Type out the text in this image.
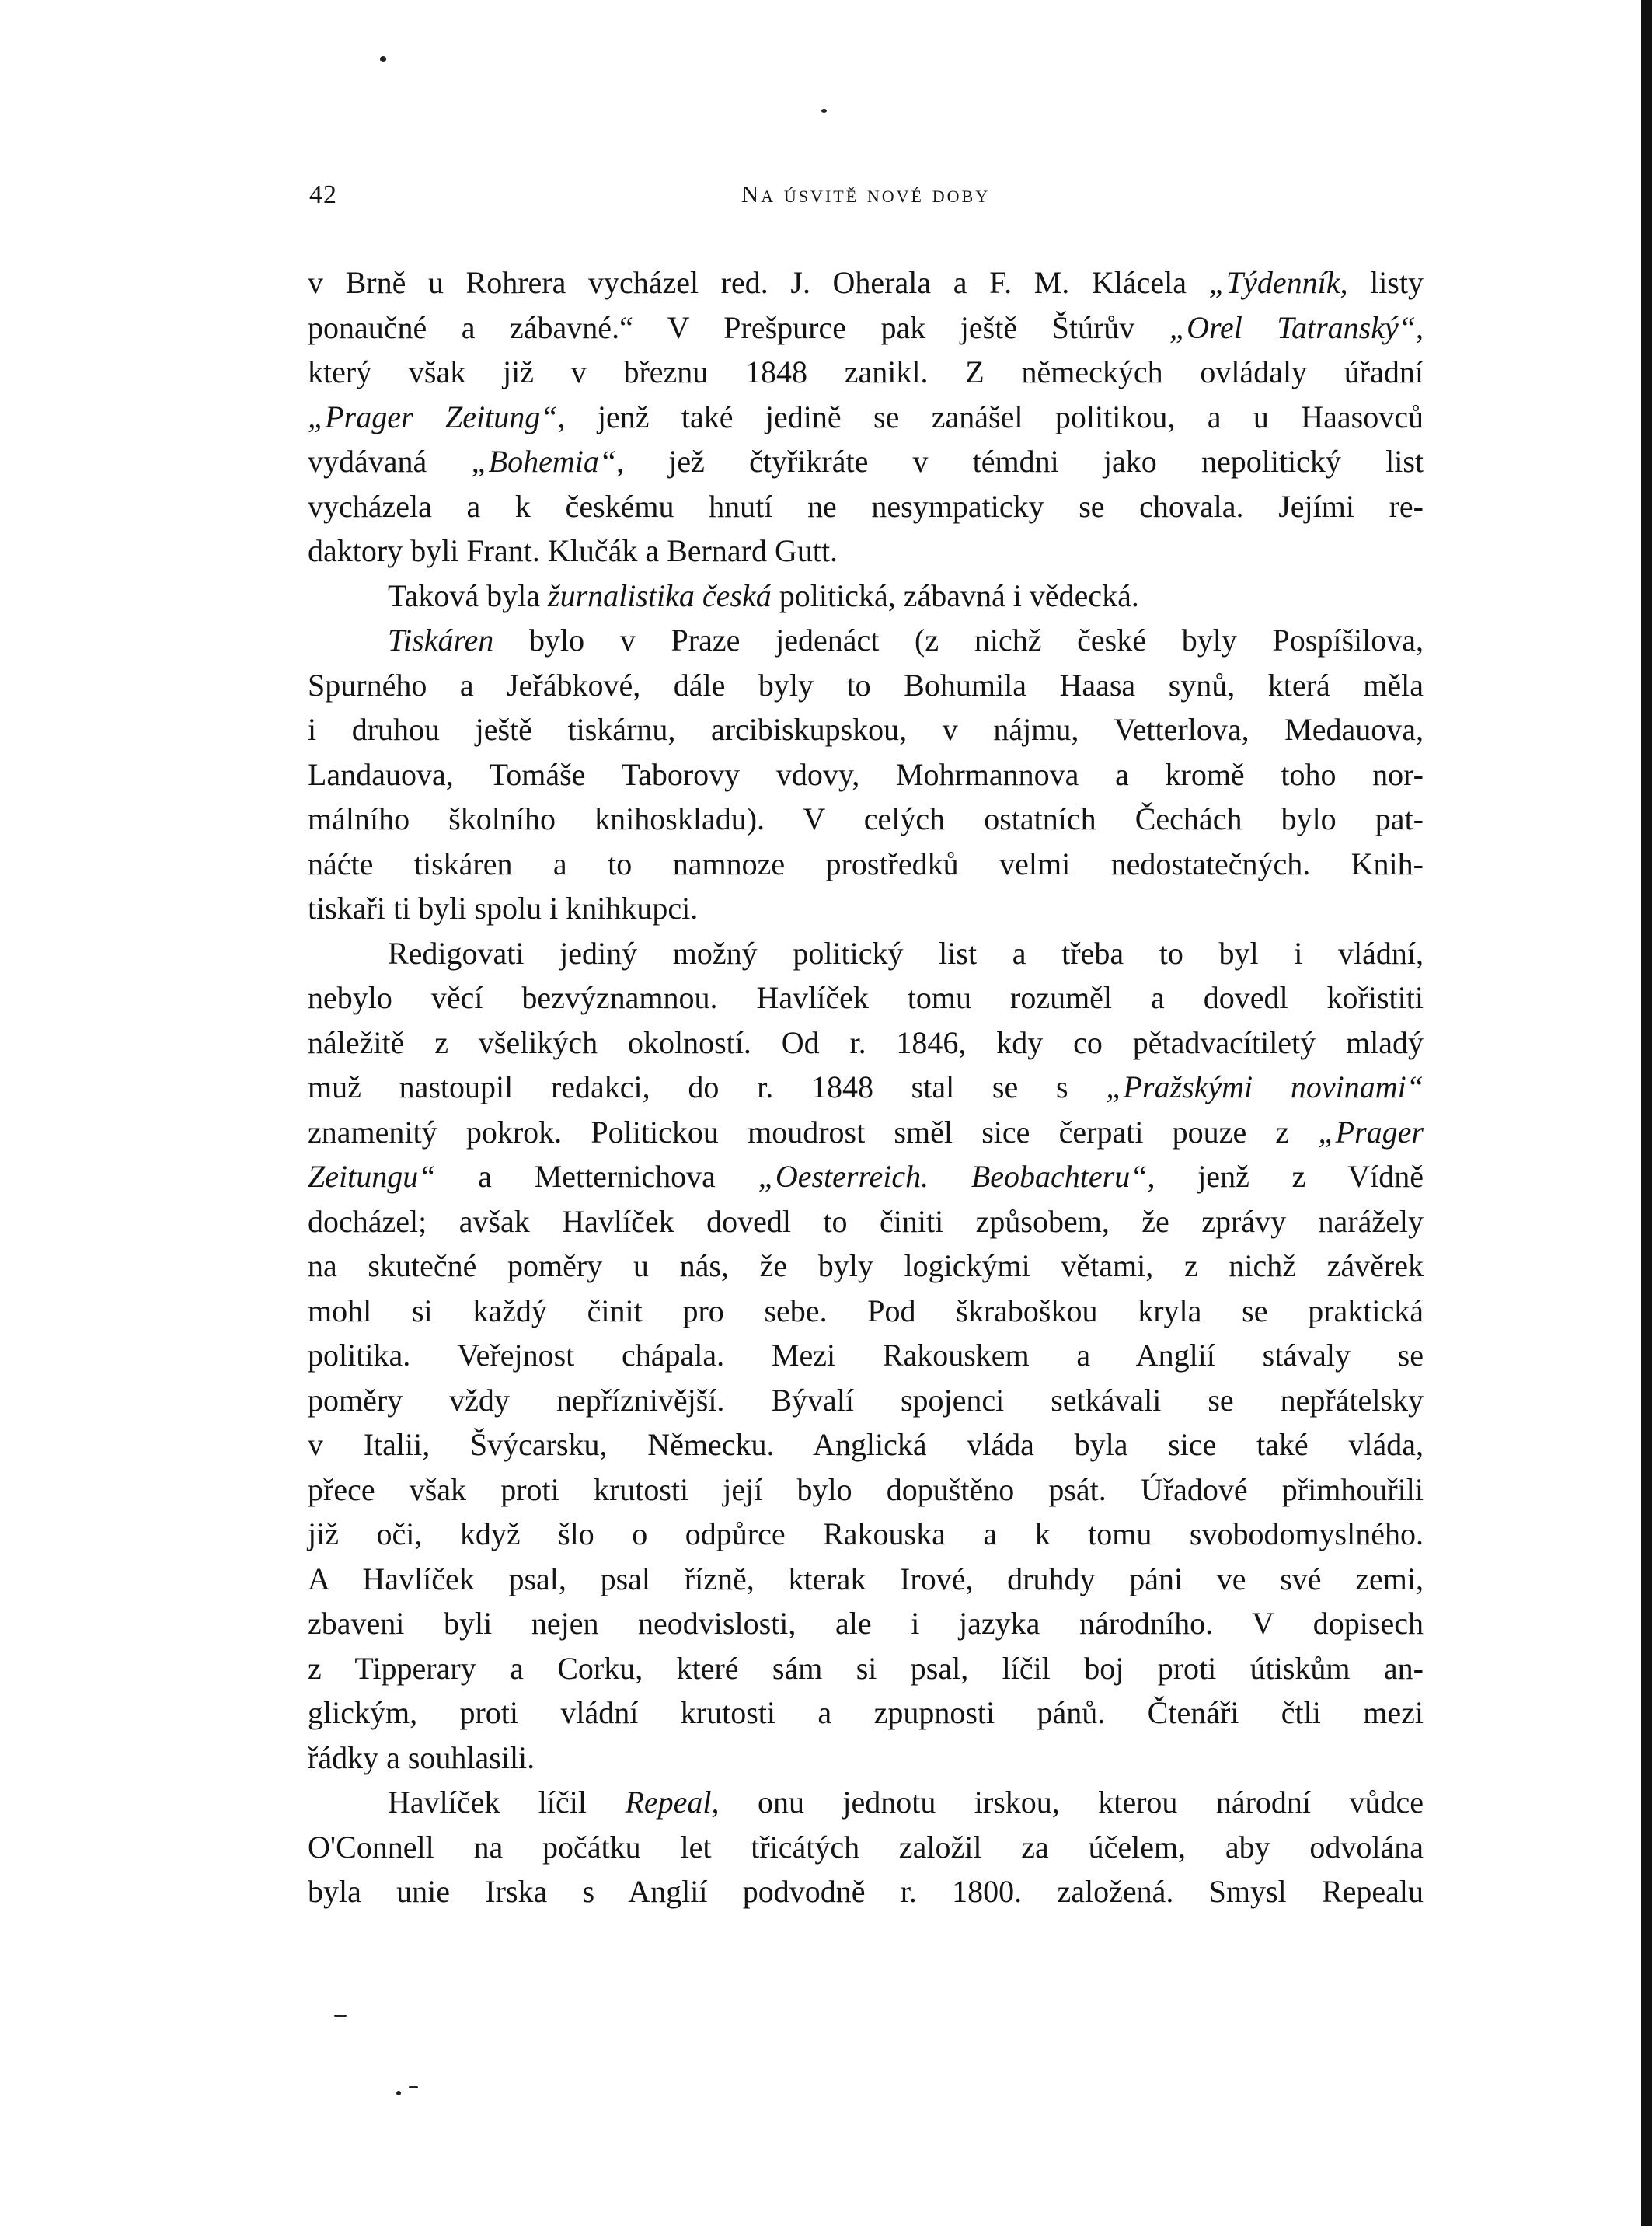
42	Na úsvitě nové doby
v Brně u Rohrera vycházel red. J. Oherala a F. M. Klácela „Týdenník, listy
ponaučné a zábavné.“ V Prešpurce pak ještě Štúrův „Orel Tatranský“,
který však již v březnu 1848 zanikl. Z německých ovládaly úřadní
„Prager Zeitung“, jenž také jedině se zanášel politikou, a u Haasovců
vydávaná „Bohemia“, jež čtyřikráte v témdni jako nepolitický list
vycházela a k českému hnutí ne nesympaticky se chovala. Jejími re-
daktory byli Frant. Klučák a Bernard Gutt.
Taková byla žurnalistika česká politická, zábavná i vědecká.
Tiskáren bylo v Praze jedenáct (z nichž české byly Pospíšilova,
Spurného a Jeřábkové, dále byly to Bohumila Haasa synů, která měla
i druhou ještě tiskárnu, arcibiskupskou, v nájmu, Vetterlova, Medauova,
Landauova, Tomáše Taborovy vdovy, Mohrmannova a kromě toho nor-
málního školního knihoskladu). V celých ostatních Čechách bylo pat-
náćte tiskáren a to namnoze prostředků velmi nedostatečných. Knih-
tiskaři ti byli spolu i knihkupci.
Redigovati jediný možný politický list a třeba to byl i vládní,
nebylo věcí bezvýznamnou. Havlíček tomu rozuměl a dovedl kořistiti
náležitě z všelikých okolností. Od r. 1846, kdy co pětadvacítiletý mladý
muž nastoupil redakci, do r. 1848 stal se s „Pražskými novinami“
znamenitý pokrok. Politickou moudrost směl sice čerpati pouze z „Prager
Zeitungu“ a Metternichova „Oesterreich. Beobachteru“, jenž z Vídně
docházel; avšak Havlíček dovedl to činiti způsobem, že zprávy narážely
na skutečné poměry u nás, že byly logickými větami, z nichž závěrek
mohl si každý činit pro sebe. Pod škraboškou kryla se praktická
politika. Veřejnost chápala. Mezi Rakouskem a Anglií stávaly se
poměry vždy nepříznivější. Bývalí spojenci setkávali se nepřátelsky
v Italii, Švýcarsku, Německu. Anglická vláda byla sice také vláda,
přece však proti krutosti její bylo dopuštěno psát. Úřadové přimhouřili
již oči, když šlo o odpůrce Rakouska a k tomu svobodomyslného.
A Havlíček psal, psal řízně, kterak Irové, druhdy páni ve své zemi,
zbaveni byli nejen neodvislosti, ale i jazyka národního. V dopisech
z Tipperary a Corku, které sám si psal, líčil boj proti útiskům an-
glickým, proti vládní krutosti a zpupnosti pánů. Čtenáři čtli mezi
řádky a souhlasili.
Havlíček líčil Repeal, onu jednotu irskou, kterou národní vůdce
O'Connell na počátku let třicátých založil za účelem, aby odvolána
byla unie Irska s Anglií podvodně r. 1800. založená. Smysl Repealu
